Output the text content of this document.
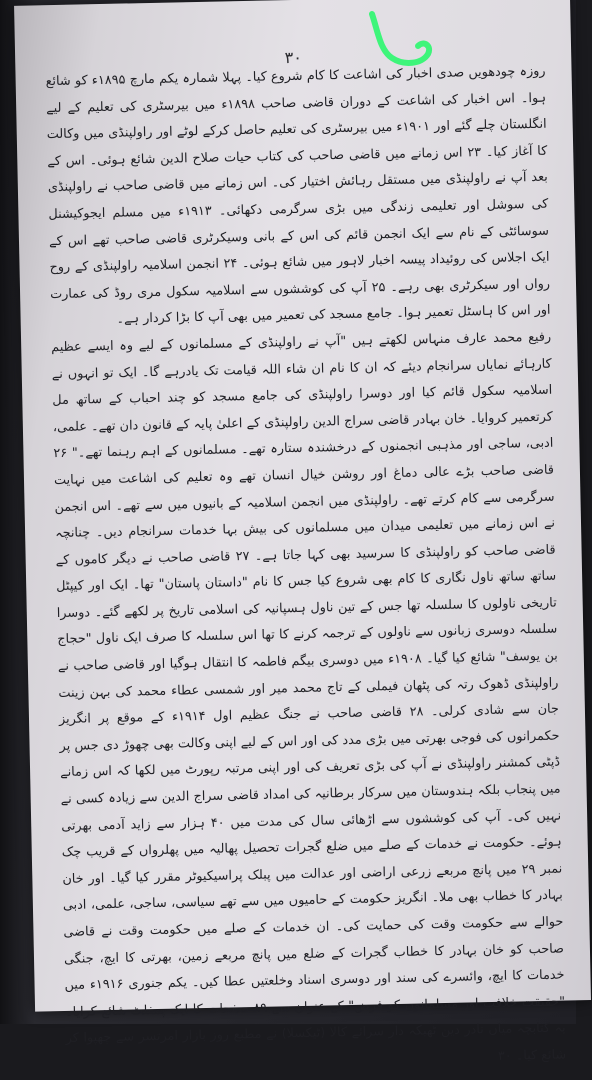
۳۰

روزہ چودھویں صدی اخبار کی اشاعت کا کام شروع کیا۔ پہلا شمارہ یکم مارچ ۱۸۹۵ء کو شائع ہوا۔ اس اخبار کی اشاعت کے دوران قاضی صاحب ۱۸۹۸ء میں بیرسٹری کی تعلیم کے لیے انگلستان چلے گئے اور ۱۹۰۱ء میں بیرسٹری کی تعلیم حاصل کرکے لوٹے اور راولپنڈی میں وکالت کا آغاز کیا۔ ۲۳ اس زمانے میں قاضی صاحب کی کتاب حیات صلاح الدین شائع ہوئی۔ اس کے بعد آپ نے راولپنڈی میں مستقل رہائش اختیار کی۔ اس زمانے میں قاضی صاحب نے راولپنڈی کی سوشل اور تعلیمی زندگی میں بڑی سرگرمی دکھائی۔ ۱۹۱۳ء میں مسلم ایجوکیشنل سوسائٹی کے نام سے ایک انجمن قائم کی اس کے بانی وسیکرٹری قاضی صاحب تھے اس کے ایک اجلاس کی روئیداد پیسہ اخبار لاہور میں شائع ہوئی۔ ۲۴ انجمن اسلامیہ راولپنڈی کے روح رواں اور سیکرٹری بھی رہے۔ ۲۵ آپ کی کوششوں سے اسلامیہ سکول مری روڈ کی عمارت اور اس کا ہاسٹل تعمیر ہوا۔ جامع مسجد کی تعمیر میں بھی آپ کا بڑا کردار ہے۔

رفیع محمد عارف منہاس لکھتے ہیں "آپ نے راولپنڈی کے مسلمانوں کے لیے وہ ایسے عظیم کارہائے نمایاں سرانجام دیئے کہ ان کا نام ان شاء اللہ قیامت تک یادرہے گا۔ ایک تو انہوں نے اسلامیہ سکول قائم کیا اور دوسرا راولپنڈی کی جامع مسجد کو چند احباب کے ساتھ مل کرتعمیر کروایا۔ خان بہادر قاضی سراج الدین راولپنڈی کے اعلیٰ پایہ کے قانون دان تھے۔ علمی، ادبی، ساجی اور مذہبی انجمنوں کے درخشندہ ستارہ تھے۔ مسلمانوں کے اہم رہنما تھے۔" ۲۶ قاضی صاحب بڑے عالی دماغ اور روشن خیال انسان تھے وہ تعلیم کی اشاعت میں نہایت سرگرمی سے کام کرتے تھے۔ راولپنڈی میں انجمن اسلامیہ کے بانیوں میں سے تھے۔ اس انجمن نے اس زمانے میں تعلیمی میدان میں مسلمانوں کی بیش بہا خدمات سرانجام دیں۔ چنانچہ قاضی صاحب کو راولپنڈی کا سرسید بھی کہا جاتا ہے۔ ۲۷ قاضی صاحب نے دیگر کاموں کے ساتھ ساتھ ناول نگاری کا کام بھی شروع کیا جس کا نام "داستان پاستان" تھا۔ ایک اور کیپٹل تاریخی ناولوں کا سلسلہ تھا جس کے تین ناول ہسپانیہ کی اسلامی تاریخ پر لکھے گئے۔ دوسرا سلسلہ دوسری زبانوں سے ناولوں کے ترجمہ کرنے کا تھا اس سلسلہ کا صرف ایک ناول "حجاج بن یوسف" شائع کیا گیا۔ ۱۹۰۸ء میں دوسری بیگم فاطمہ کا انتقال ہوگیا اور قاضی صاحب نے راولپنڈی ڈھوک رتہ کی پٹھان فیملی کے تاج محمد میر اور شمسی عطاء محمد کی بہن زینت جان سے شادی کرلی۔ ۲۸ قاضی صاحب نے جنگ عظیم اول ۱۹۱۴ء کے موقع پر انگریز حکمرانوں کی فوجی بھرتی میں بڑی مدد کی اور اس کے لیے اپنی وکالت بھی چھوڑ دی جس پر ڈپٹی کمشنر راولپنڈی نے آپ کی بڑی تعریف کی اور اپنی مرتبہ رپورٹ میں لکھا کہ اس زمانے میں پنجاب بلکہ ہندوستان میں سرکار برطانیہ کی امداد قاضی سراج الدین سے زیادہ کسی نے نہیں کی۔ آپ کی کوششوں سے اڑھائی سال کی مدت میں ۴۰ ہزار سے زاید آدمی بھرتی ہوئے۔ حکومت نے خدمات کے صلے میں ضلع گجرات تحصیل پھالیہ میں پھلرواں کے قریب چک نمبر ۲۹ میں پانچ مربعے زرعی اراضی اور عدالت میں پبلک پراسیکیوٹر مقرر کیا گیا۔ اور خان بہادر کا خطاب بھی ملا۔ انگریز حکومت کے حامیوں میں سے تھے سیاسی، ساجی، علمی، ادبی حوالے سے حکومت وقت کی حمایت کی۔ ان خدمات کے صلے میں حکومت وقت نے قاضی صاحب کو خان بہادر کا خطاب گجرات کے ضلع میں پانچ مربعے زمین، بھرتی کا ایچ، جنگی خدمات کا ایچ، وائسرے کی سند اور دوسری اسناد وخلعتیں عطا کیں۔ یکم جنوری ۱۹۱۶ء میں "حقیقت خلافت اور مسلمانوں کو فرض" کے عنوان سے ۸۹ صفحات کا ایک پمفلٹ شائع کرایا۔ یہ کتابچہ میاں نادر دین ٹھیکہ دار سرائے کالا (ٹیکسلا) نے مطبع روز بازار امرتسر سے چھپوا کر شائع کیا۔ ۳۰
